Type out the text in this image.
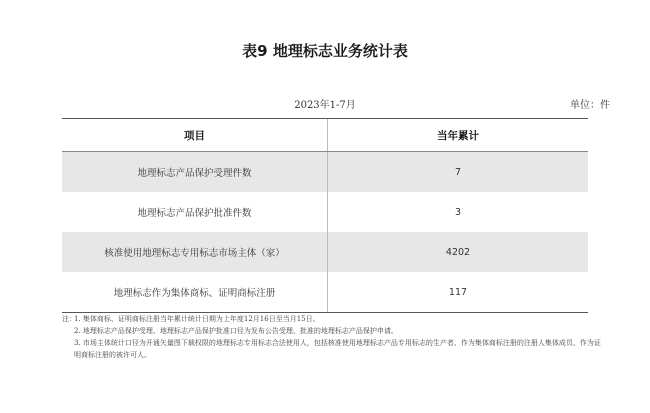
表9 地理标志业务统计表
2023年1-7月	单位：件
项目	当年累计
地理标志产品保护受理件数	7
地理标志产品保护批准件数	3
核准使用地理标志专用标志市场主体（家）	4202
地理标志作为集体商标、证明商标注册	117
注：
1. 集体商标、证明商标注册当年累计统计日期为上年度12月16日至当月15日。
2. 地理标志产品保护受理、地理标志产品保护批准口径为发布公告受理、批准的地理标志产品保护申请。
3. 市场主体统计口径为开通矢量图下载权限的地理标志专用标志合法使用人，包括核准使用地理标志产品专用标志的生产者、作为集体商标注册的注册人集体成员、作为证明商标注册的被许可人。
